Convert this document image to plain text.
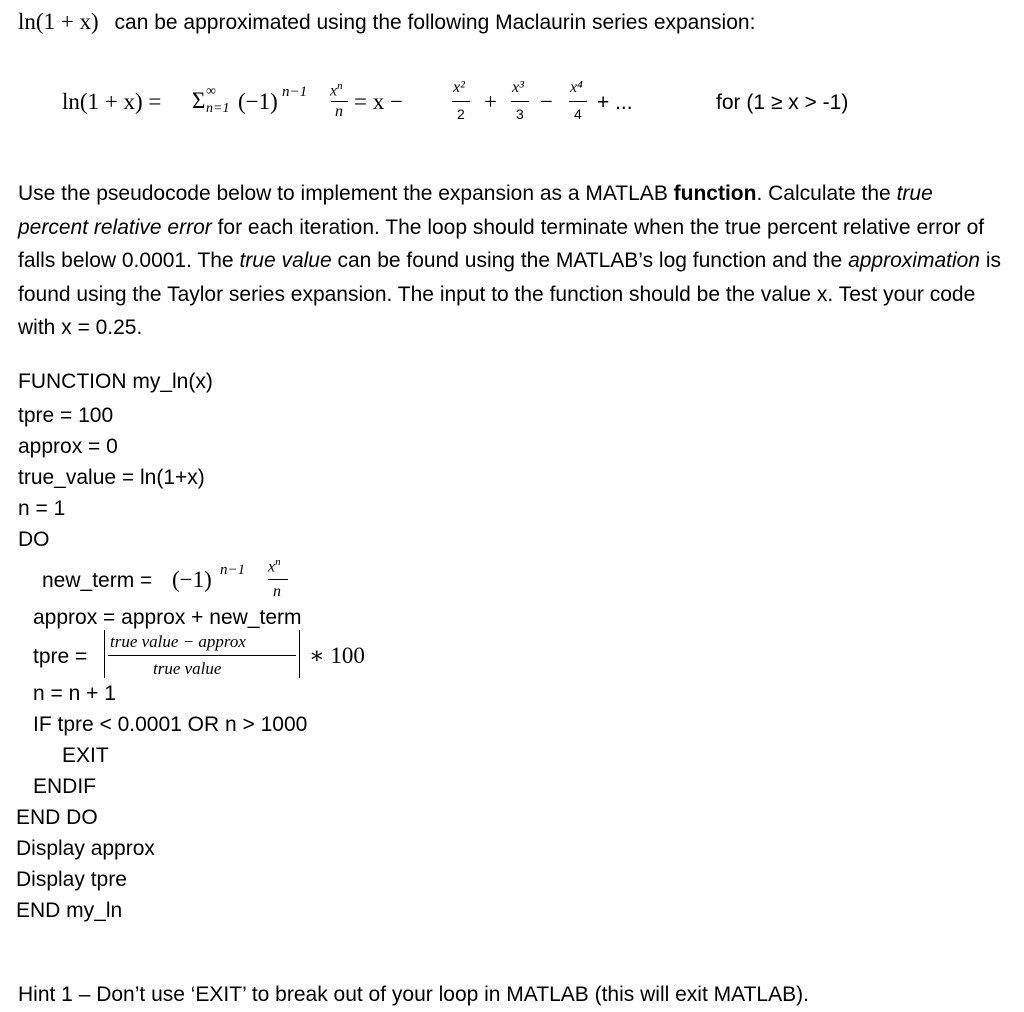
ln(1 + x) can be approximated using the following Maclaurin series expansion:
ln(1 + x) = Σ ∞
n=1 (−1) n−1 $x^n$
n = x −
x²
2 +
x³
3 −
x⁴
4 + ...	for (1 ≥ x > -1)
Use the pseudocode below to implement the expansion as a MATLAB function. Calculate the true percent relative error for each iteration. The loop should terminate when the true percent relative error of falls below 0.0001. The true value can be found using the MATLAB’s log function and the approximation is found using the Taylor series expansion. The input to the function should be the value x. Test your code with x = 0.25.
FUNCTION my_ln(x)
tpre = 100
approx = 0
true_value = ln(1+x)
n = 1
DO
new_term = (−1) n−1 $x^n$
n
approx = approx + new_term
tpre =
true value − approx
true value
∗ 100
n = n + 1
IF tpre < 0.0001 OR n > 1000
EXIT
ENDIF
END DO
Display approx
Display tpre
END my_ln
Hint 1 – Don’t use ‘EXIT’ to break out of your loop in MATLAB (this will exit MATLAB).
